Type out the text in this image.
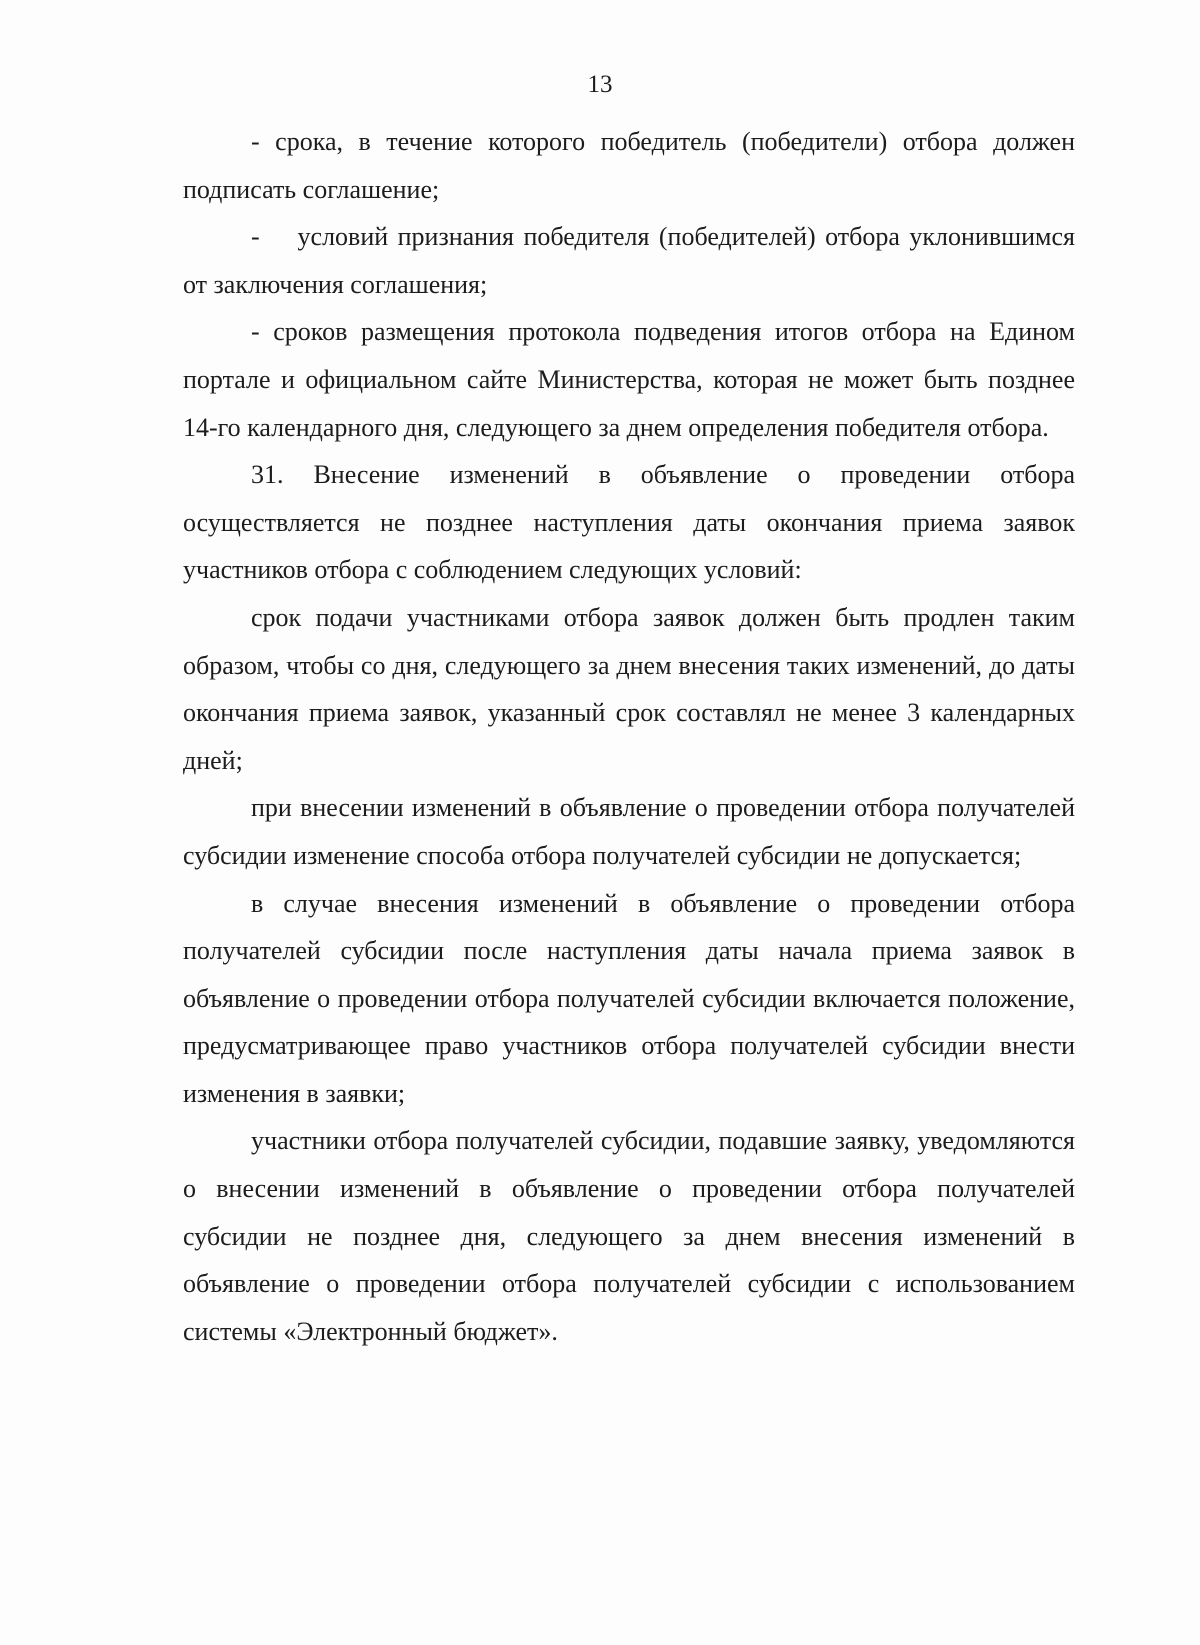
13

- срока, в течение которого победитель (победители) отбора должен подписать соглашение;

-    условий признания победителя (победителей) отбора уклонившимся от заключения соглашения;

- сроков размещения протокола подведения итогов отбора на Едином портале и официальном сайте Министерства, которая не может быть позднее 14-го календарного дня, следующего за днем определения победителя отбора.

31. Внесение изменений в объявление о проведении отбора осуществляется не позднее наступления даты окончания приема заявок участников отбора с соблюдением следующих условий:

срок подачи участниками отбора заявок должен быть продлен таким образом, чтобы со дня, следующего за днем внесения таких изменений, до даты окончания приема заявок, указанный срок составлял не менее 3 календарных дней;

при внесении изменений в объявление о проведении отбора получателей субсидии изменение способа отбора получателей субсидии не допускается;

в случае внесения изменений в объявление о проведении отбора получателей субсидии после наступления даты начала приема заявок в объявление о проведении отбора получателей субсидии включается положение, предусматривающее право участников отбора получателей субсидии внести изменения в заявки;

участники отбора получателей субсидии, подавшие заявку, уведомляются о внесении изменений в объявление о проведении отбора получателей субсидии не позднее дня, следующего за днем внесения изменений в объявление о проведении отбора получателей субсидии с использованием системы «Электронный бюджет».
